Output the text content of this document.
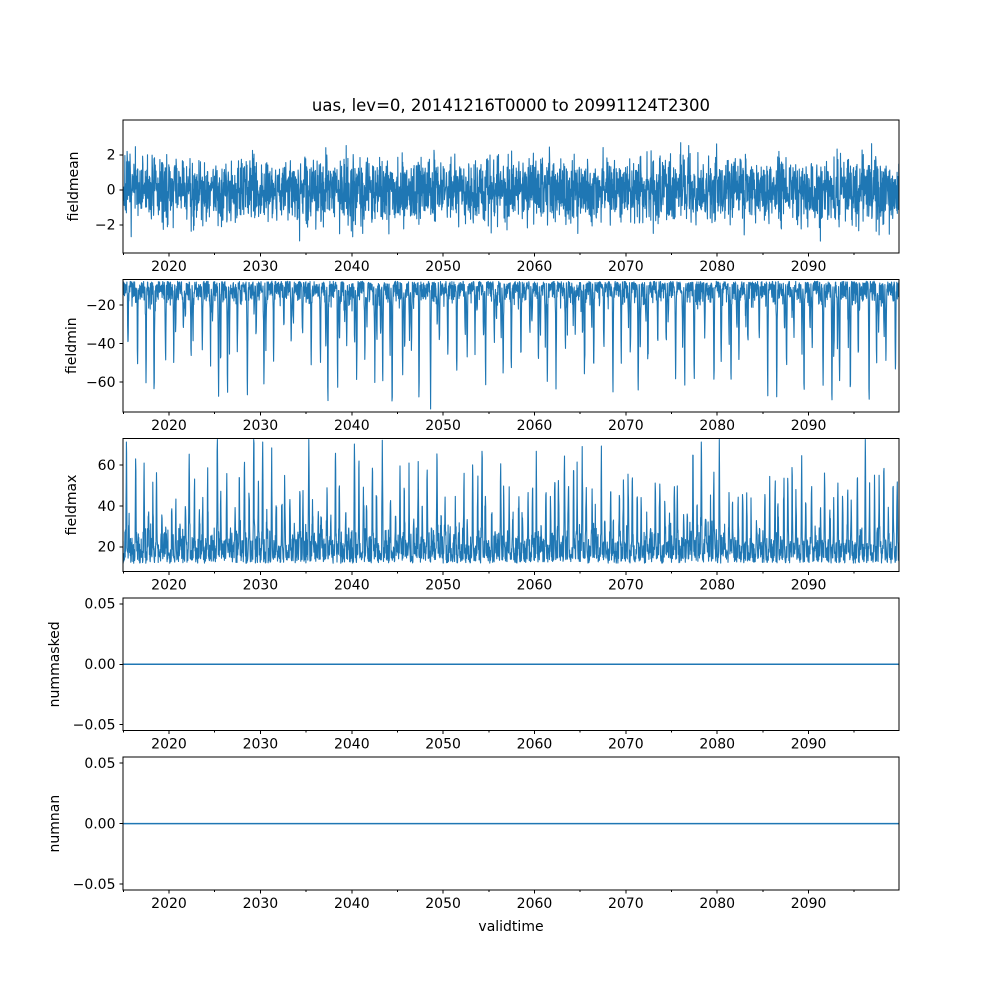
uas, lev=0, 20141216T0000 to 20991124T2300
2
0
−2
2020	2030	2040	2050	2060	2070	2080	2090
fieldmean
−20
−40
−60
2020	2030	2040	2050	2060	2070	2080	2090
fieldmin
60
40
20
2020	2030	2040	2050	2060	2070	2080	2090
fieldmax
0.05
0.00
−0.05
2020	2030	2040	2050	2060	2070	2080	2090
nummasked
0.05
0.00
−0.05
2020	2030	2040	2050	2060	2070	2080	2090
numnan
validtime
